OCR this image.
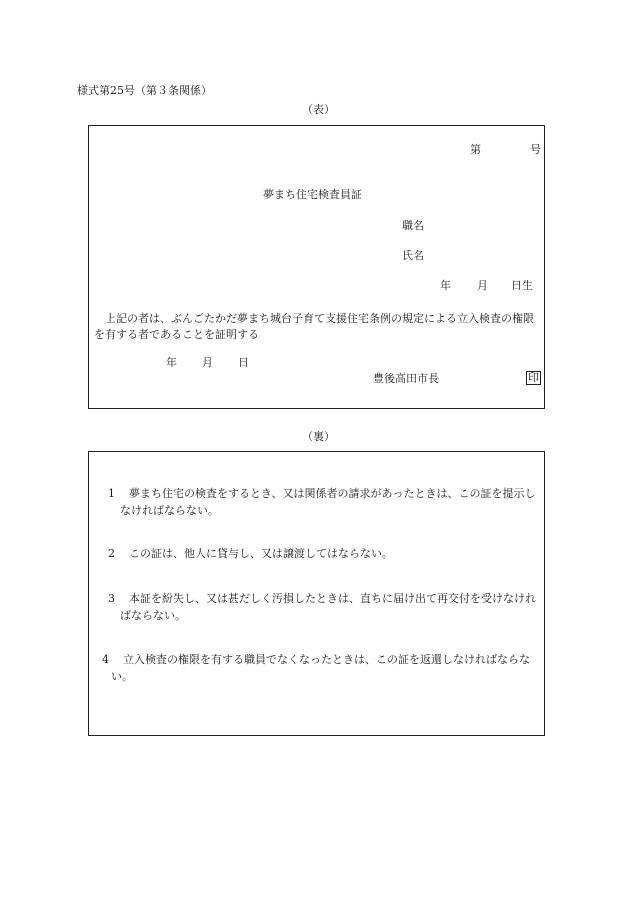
様式第25号（第３条関係）
（表）
第	号
夢まち住宅検査員証
職名
氏名
年 月 日生
上記の者は、ぶんごたかだ夢まち城台子育て支援住宅条例の規定による立入検査の権限を有する者であることを証明する
年 月 日
豊後高田市長	印
（裏）
1	夢まち住宅の検査をするとき、又は関係者の請求があったときは、この証を提示しなければならない。
2	この証は、他人に貸与し、又は譲渡してはならない。
3	本証を紛失し、又は甚だしく汚損したときは、直ちに届け出て再交付を受けなければならない。
4	立入検査の権限を有する職員でなくなったときは、この証を返還しなければならない。
